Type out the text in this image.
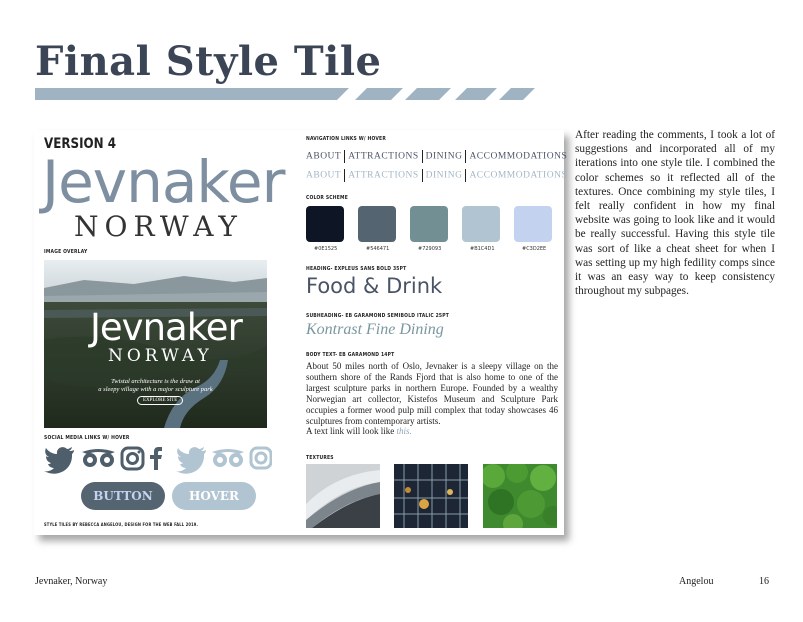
Final Style Tile
VERSION 4
Jevnaker
NORWAY
IMAGE OVERLAY
Jevnaker
NORWAY
Twistal architecture is the draw at
a sleepy village with a major sculpture park
EXPLORE SITE
SOCIAL MEDIA LINKS W/ HOVER
BUTTON	HOVER
STYLE TILES BY REBECCA ANGELOU, DESIGN FOR THE WEB FALL 2019.
NAVIGATION LINKS W/ HOVER
ABOUT ATTRACTIONS DINING ACCOMMODATIONS
ABOUT ATTRACTIONS DINING ACCOMMODATIONS
COLOR SCHEME
#0E1525	#546471	#729093	#B1C4D1	#C3D2EE
HEADING- EXPLEUS SANS BOLD 35PT
Food & Drink
SUBHEADING- EB GARAMOND SEMIBOLD ITALIC 25PT
Kontrast Fine Dining
BODY TEXT- EB GARAMOND 14PT
About 50 miles north of Oslo, Jevnaker is a sleepy village on the southern shore of the Rands Fjord that is also home to one of the largest sculpture parks in northern Europe. Founded by a wealthy Norwegian art collector, Kistefos Museum and Sculpture Park occupies a former wood pulp mill complex that today showcases 46 sculptures from contemporary artists.
A text link will look like this.
TEXTURES
After reading the comments, I took a lot of suggestions and incorporated all of my iterations into one style tile. I combined the color schemes so it reflected all of the textures. Once combining my style tiles, I felt really confident in how my final website was going to look like and it would be really successful. Having this style tile was sort of like a cheat sheet for when I was setting up my high fedility comps since it was an easy way to keep consistency throughout my subpages.
Jevnaker, Norway	Angelou	16
